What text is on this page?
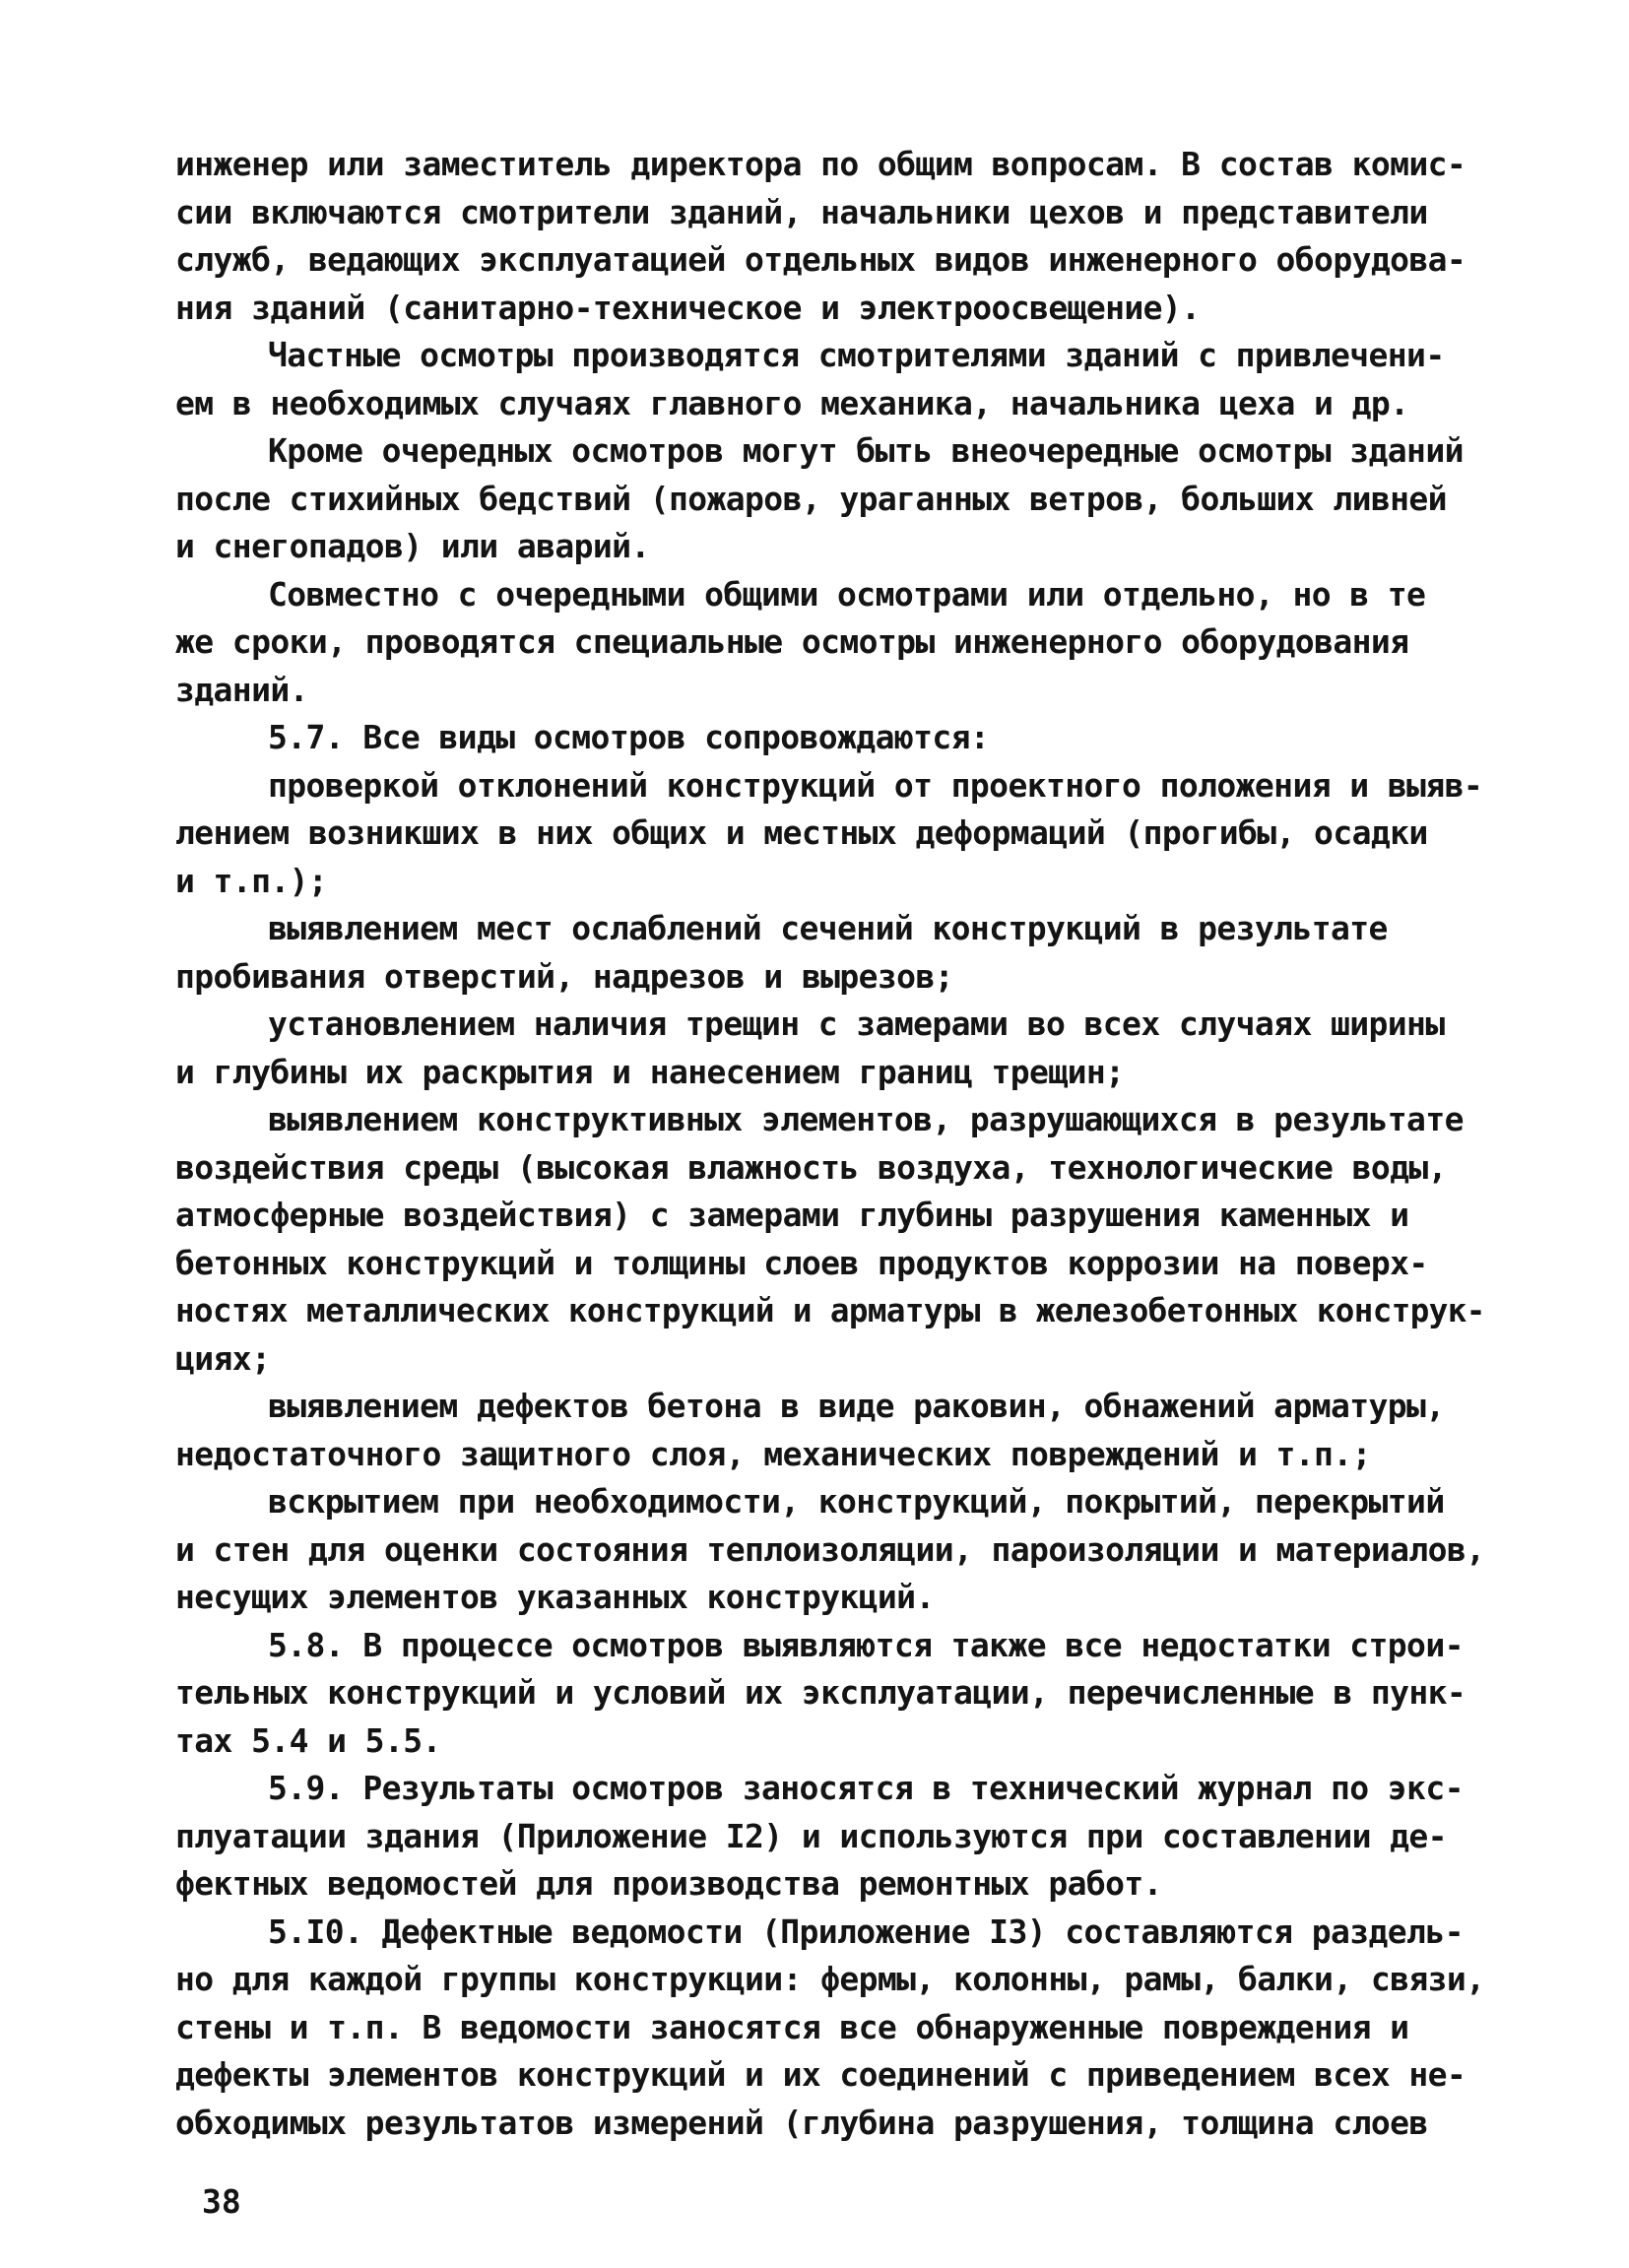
инженер или заместитель директора по общим вопросам. В состав комис-
сии включаются смотрители зданий, начальники цехов и представители
служб, ведающих эксплуатацией отдельных видов инженерного оборудова-
ния зданий (санитарно-техническое и электроосвещение).
Частные осмотры производятся смотрителями зданий с привлечени-
ем в необходимых случаях главного механика, начальника цеха и др.
Кроме очередных осмотров могут быть внеочередные осмотры зданий
после стихийных бедствий (пожаров, ураганных ветров, больших ливней
и снегопадов) или аварий.
Совместно с очередными общими осмотрами или отдельно, но в те
же сроки, проводятся специальные осмотры инженерного оборудования
зданий.
5.7. Все виды осмотров сопровождаются:
проверкой отклонений конструкций от проектного положения и выяв-
лением возникших в них общих и местных деформаций (прогибы, осадки
и т.п.);
выявлением мест ослаблений сечений конструкций в результате
пробивания отверстий, надрезов и вырезов;
установлением наличия трещин с замерами во всех случаях ширины
и глубины их раскрытия и нанесением границ трещин;
выявлением конструктивных элементов, разрушающихся в результате
воздействия среды (высокая влажность воздуха, технологические воды,
атмосферные воздействия) с замерами глубины разрушения каменных и
бетонных конструкций и толщины слоев продуктов коррозии на поверх-
ностях металлических конструкций и арматуры в железобетонных конструк-
циях;
выявлением дефектов бетона в виде раковин, обнажений арматуры,
недостаточного защитного слоя, механических повреждений и т.п.;
вскрытием при необходимости, конструкций, покрытий, перекрытий
и стен для оценки состояния теплоизоляции, пароизоляции и материалов,
несущих элементов указанных конструкций.
5.8. В процессе осмотров выявляются также все недостатки строи-
тельных конструкций и условий их эксплуатации, перечисленные в пунк-
тах 5.4 и 5.5.
5.9. Результаты осмотров заносятся в технический журнал по экс-
плуатации здания (Приложение I2) и используются при составлении де-
фектных ведомостей для производства ремонтных работ.
5.I0. Дефектные ведомости (Приложение I3) составляются раздель-
но для каждой группы конструкции: фермы, колонны, рамы, балки, связи,
стены и т.п. В ведомости заносятся все обнаруженные повреждения и
дефекты элементов конструкций и их соединений с приведением всех не-
обходимых результатов измерений (глубина разрушения, толщина слоев
38
